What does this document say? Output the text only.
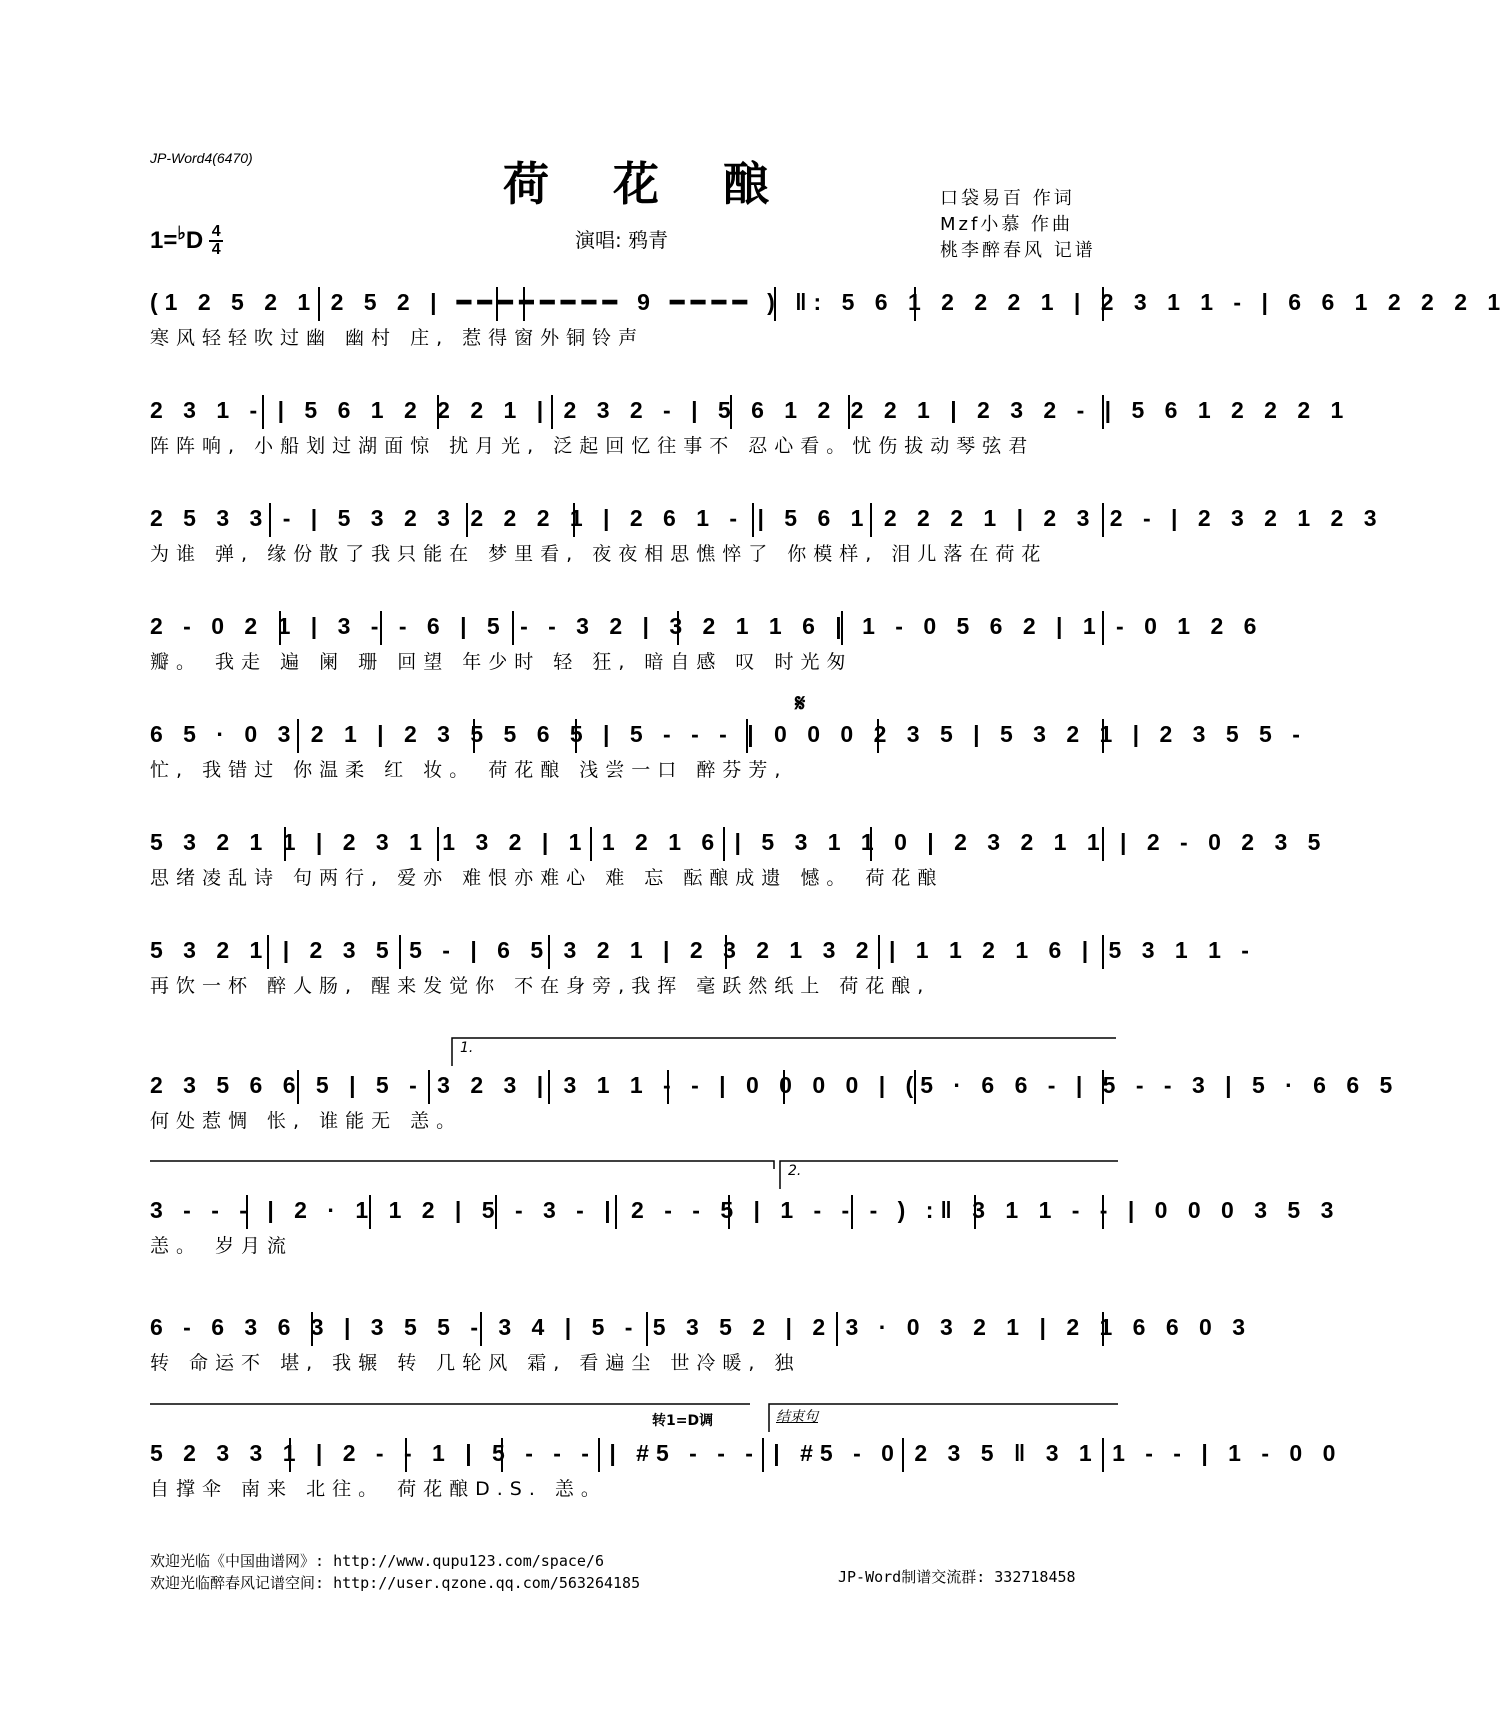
JP-Word4(6470)	荷花酿
1= ♭ D $\frac{4}{4}$	演唱: 鸦青
口袋易百 作词
Mzf小慕 作曲
桃李醉春风 记谱
(1 2 5 2 1 2 5 2 | ━━━━━━━━ 9 ━━━━ ) ‖: 5 6 1 2 2 2 1 | 2 3 1 1 - | 6 6 1 2 2 2 1
寒风轻轻吹过幽 幽村 庄, 惹得窗外铜铃声
2 3 1 - | 5 6 1 2 2 2 1 | 2 3 2 - | 5 6 1 2 2 2 1 | 2 3 2 - | 5 6 1 2 2 2 1
阵阵响, 小船划过湖面惊 扰月光, 泛起回忆往事不 忍心看。忧伤拔动琴弦君
2 5 3 3 - | 5 3 2 3 2 2 2 1 | 2 6 1 - | 5 6 1 2 2 2 1 | 2 3 2 - | 2 3 2 1 2 3
为谁 弹, 缘份散了我只能在 梦里看, 夜夜相思憔悴了 你模样, 泪儿落在荷花
2 - 0 2 1 | 3 - - 6 | 5 - - 3 2 | 3 2 1 1 6 | 1 - 0 5 6 2 | 1 - 0 1 2 6
瓣。 我走 遍 阑 珊 回望 年少时 轻 狂, 暗自感 叹 时光匆
𝄋
6 5 · 0 3 2 1 | 2 3 5 5 6 5 | 5 - - - | 0 0 0 2 3 5 | 5 3 2 1 | 2 3 5 5 -
忙, 我错过 你温柔 红 妆。 荷花酿 浅尝一口 醉芬芳,
5 3 2 1 1 | 2 3 1 1 3 2 | 1 1 2 1 6 | 5 3 1 1 0 | 2 3 2 1 1 | 2 - 0 2 3 5
思绪凌乱诗 句两行, 爱亦 难恨亦难心 难 忘 酝酿成遗 憾。 荷花酿
5 3 2 1 | 2 3 5 5 - | 6 5 3 2 1 | 2 3 2 1 3 2 | 1 1 2 1 6 | 5 3 1 1 -
再饮一杯 醉人肠, 醒来发觉你 不在身旁,我挥 毫跃然纸上 荷花酿,
1.
2 3 5 6 6 5 | 5 - 3 2 3 | 3 1 1 - - | 0 0 0 0 | (5 · 6 6 - | 5 - - 3 | 5 · 6 6 5
何处惹惆 怅, 谁能无 恙。
2.
3 - - - | 2 · 1 1 2 | 5 - 3 - | 2 - - 5 | 1 - - - ) :‖ 3 1 1 - - | 0 0 0 3 5 3
恙。 岁月流
6 - 6 3 6 3 | 3 5 5 - 3 4 | 5 - 5 3 5 2 | 2 3 · 0 3 2 1 | 2 1 6 6 0 3
转 命运不 堪, 我辗 转 几轮风 霜, 看遍尘 世冷暖, 独
转1=D调	结束句
5 2 3 3 1 | 2 - - 1 | 5 - - - | #5 - - - | #5 - 0 2 3 5 ‖ 3 1 1 - - | 1 - 0 0
自撑伞 南来 北往。 荷花酿D.S. 恙。
欢迎光临《中国曲谱网》: http://www.qupu123.com/space/6
欢迎光临醉春风记谱空间: http://user.qzone.qq.com/563264185	JP-Word制谱交流群: 332718458
